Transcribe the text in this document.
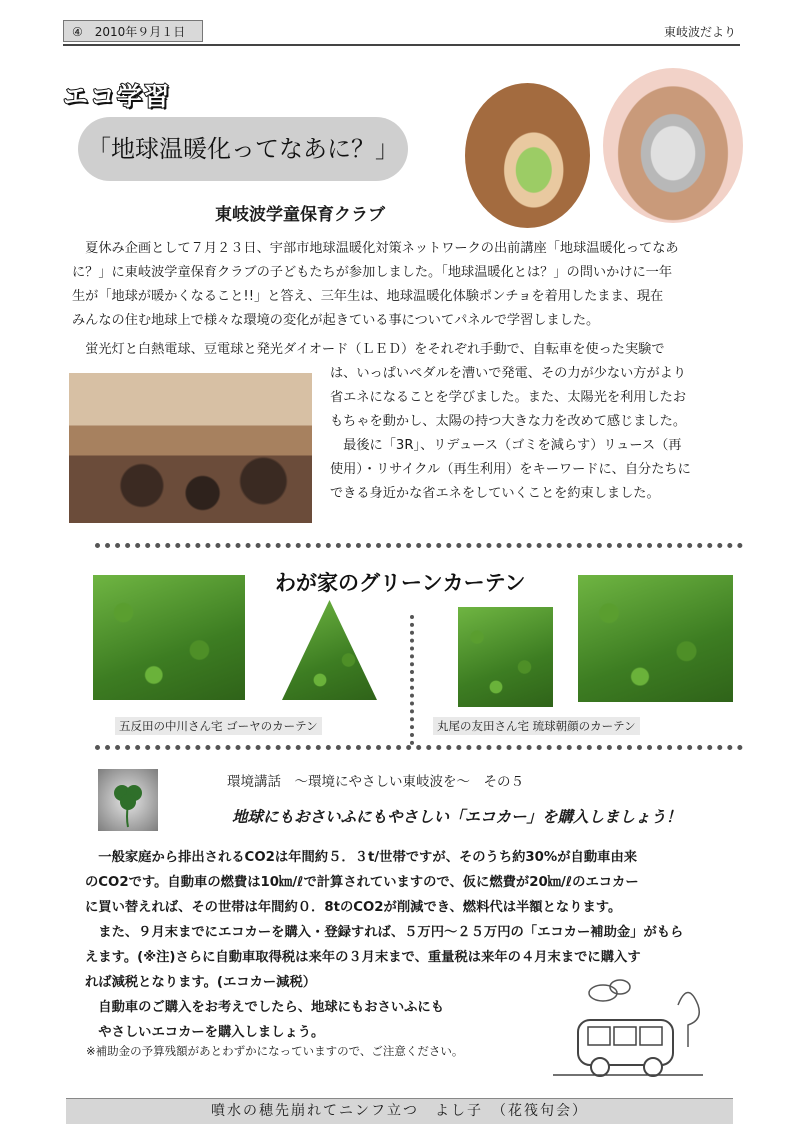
④　2010年９月１日	東岐波だより
エコ学習
「地球温暖化ってなあに？」
東岐波学童保育クラブ
　夏休み企画として７月２３日、宇部市地球温暖化対策ネットワークの出前講座「地球温暖化ってなあ
に？」に東岐波学童保育クラブの子どもたちが参加しました。「地球温暖化とは？」の問いかけに一年
生が「地球が暖かくなること!!」と答え、三年生は、地球温暖化体験ポンチョを着用したまま、現在
みんなの住む地球上で様々な環境の変化が起きている事についてパネルで学習しました。
　蛍光灯と白熱電球、豆電球と発光ダイオード（ＬＥＤ）をそれぞれ手動で、自転車を使った実験で
は、いっぱいペダルを漕いで発電、その力が少ない方がより
省エネになることを学びました。また、太陽光を利用したお
もちゃを動かし、太陽の持つ大きな力を改めて感じました。
　最後に「3R」、リデュース（ゴミを減らす）リュース（再
使用）・リサイクル（再生利用）をキーワードに、自分たちに
できる身近かな省エネをしていくことを約束しました。
わが家のグリーンカーテン
五反田の中川さん宅 ゴーヤのカーテン	丸尾の友田さん宅 琉球朝顔のカーテン
環境講話　～環境にやさしい東岐波を～　その５
地球にもおさいふにもやさしい「エコカー」を購入しましょう！
　一般家庭から排出されるCO2は年間約５．３t/世帯ですが、そのうち約30%が自動車由来
のCO2です。自動車の燃費は10㎞/ℓで計算されていますので、仮に燃費が20㎞/ℓのエコカー
に買い替えれば、その世帯は年間約０．8tのCO2が削減でき、燃料代は半額となります。
　また、９月末までにエコカーを購入・登録すれば、５万円～２５万円の「エコカー補助金」がもら
えます。(※注)さらに自動車取得税は来年の３月末まで、重量税は来年の４月末までに購入す
れば減税となります。(エコカー減税）
　自動車のご購入をお考えでしたら、地球にもおさいふにも
　やさしいエコカーを購入しましょう。
※補助金の予算残額があとわずかになっていますので、ご注意ください。
噴水の穂先崩れてニンフ立つ　よし子　（花筏句会）
